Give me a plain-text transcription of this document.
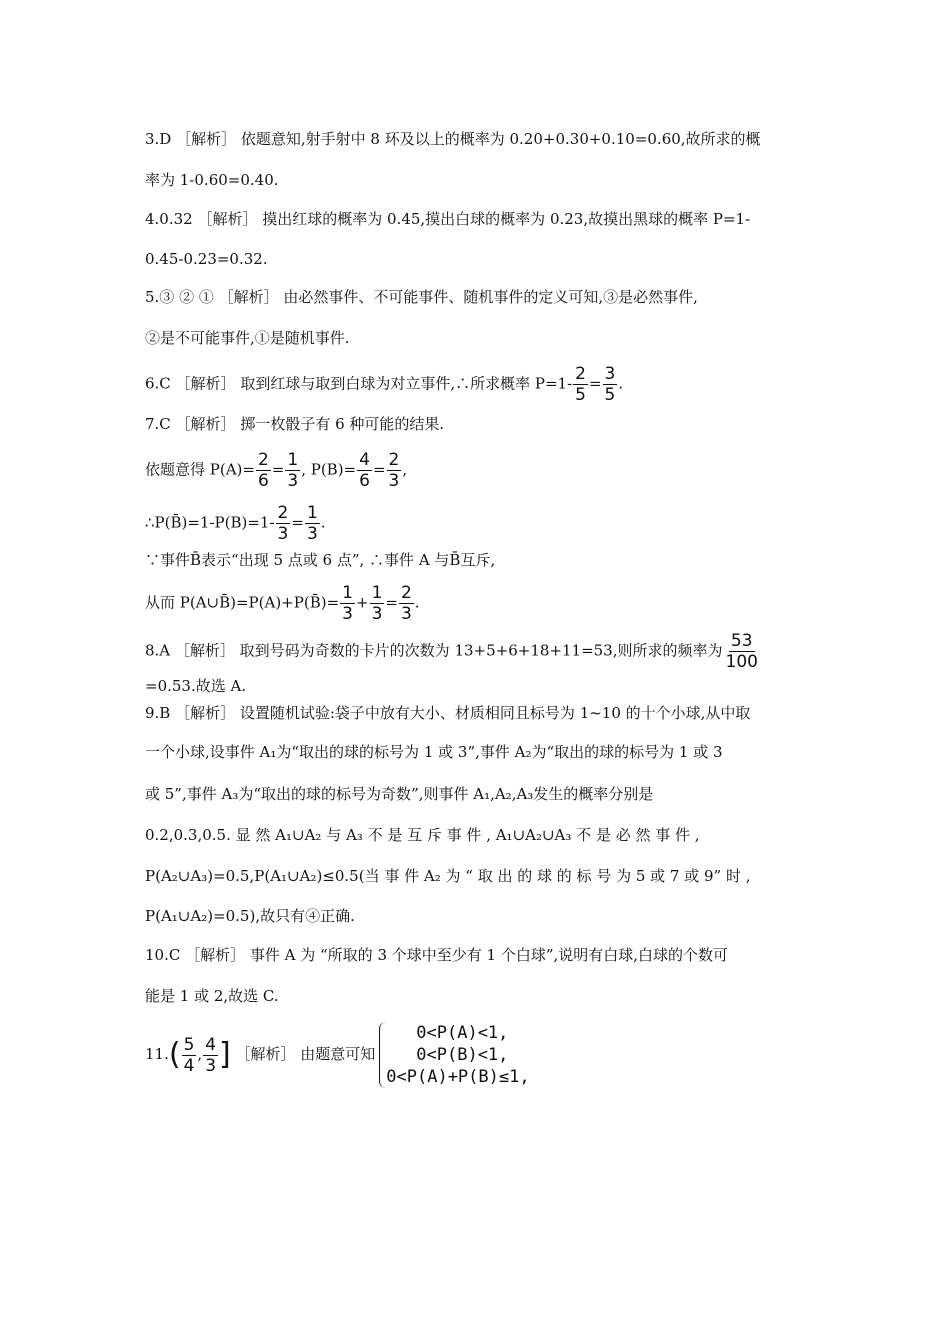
3.D ［解析］ 依题意知,射手射中 8 环及以上的概率为 0.20+0.30+0.10=0.60,故所求的概
率为 1-0.60=0.40.
4.0.32 ［解析］ 摸出红球的概率为 0.45,摸出白球的概率为 0.23,故摸出黑球的概率 P=1-
0.45-0.23=0.32.
5.③ ② ① ［解析］ 由必然事件、不可能事件、随机事件的定义可知,③是必然事件,
②是不可能事件,①是随机事件.
6.C ［解析］ 取到红球与取到白球为对立事件,∴所求概率 $P=1- \frac{2}{5} = \frac{3}{5}$ .
7.C ［解析］ 掷一枚骰子有 6 种可能的结果.
依题意得 $P(A)= \frac{2}{6} = \frac{1}{3}$ , $P(B)= \frac{4}{6} = \frac{2}{3}$ ,
∴P(B̄)=1-P(B)=1- $\frac{2}{3} = \frac{1}{3}$ .
∵事件B̄表示“出现 5 点或 6 点”, ∴事件 A 与B̄互斥,
从而 P(A∪B̄)=P(A)+P(B̄)= $\frac{1}{3} + \frac{1}{3} = \frac{2}{3}$ .
8.A ［解析］ 取到号码为奇数的卡片的次数为 13+5+6+18+11=53,则所求的频率为 $\frac{53}{100}$
=0.53.故选 A.
9.B ［解析］ 设置随机试验:袋子中放有大小、材质相同且标号为 1~10 的十个小球,从中取
一个小球,设事件 A₁为“取出的球的标号为 1 或 3”,事件 A₂为“取出的球的标号为 1 或 3
或 5”,事件 A₃为“取出的球的标号为奇数”,则事件 A₁,A₂,A₃发生的概率分别是
0.2,0.3,0.5. 显 然 A₁∪A₂ 与 A₃ 不 是 互 斥 事 件 , A₁∪A₂∪A₃ 不 是 必 然 事 件 ,
P(A₂∪A₃)=0.5,P(A₁∪A₂)≤0.5(当 事 件 A₂ 为 “ 取 出 的 球 的 标 号 为 5 或 7 或 9” 时 ,
P(A₁∪A₂)=0.5),故只有④正确.
10.C ［解析］ 事件 A 为 “所取的 3 个球中至少有 1 个白球”,说明有白球,白球的个数可
能是 1 或 2,故选 C.
$11.( \frac{5}{4}$ , $\frac{4}{3}$ ] ［解析］ 由题意可知
0<P(A)<1,
0<P(B)<1,
0<P(A)+P(B)≤1,
